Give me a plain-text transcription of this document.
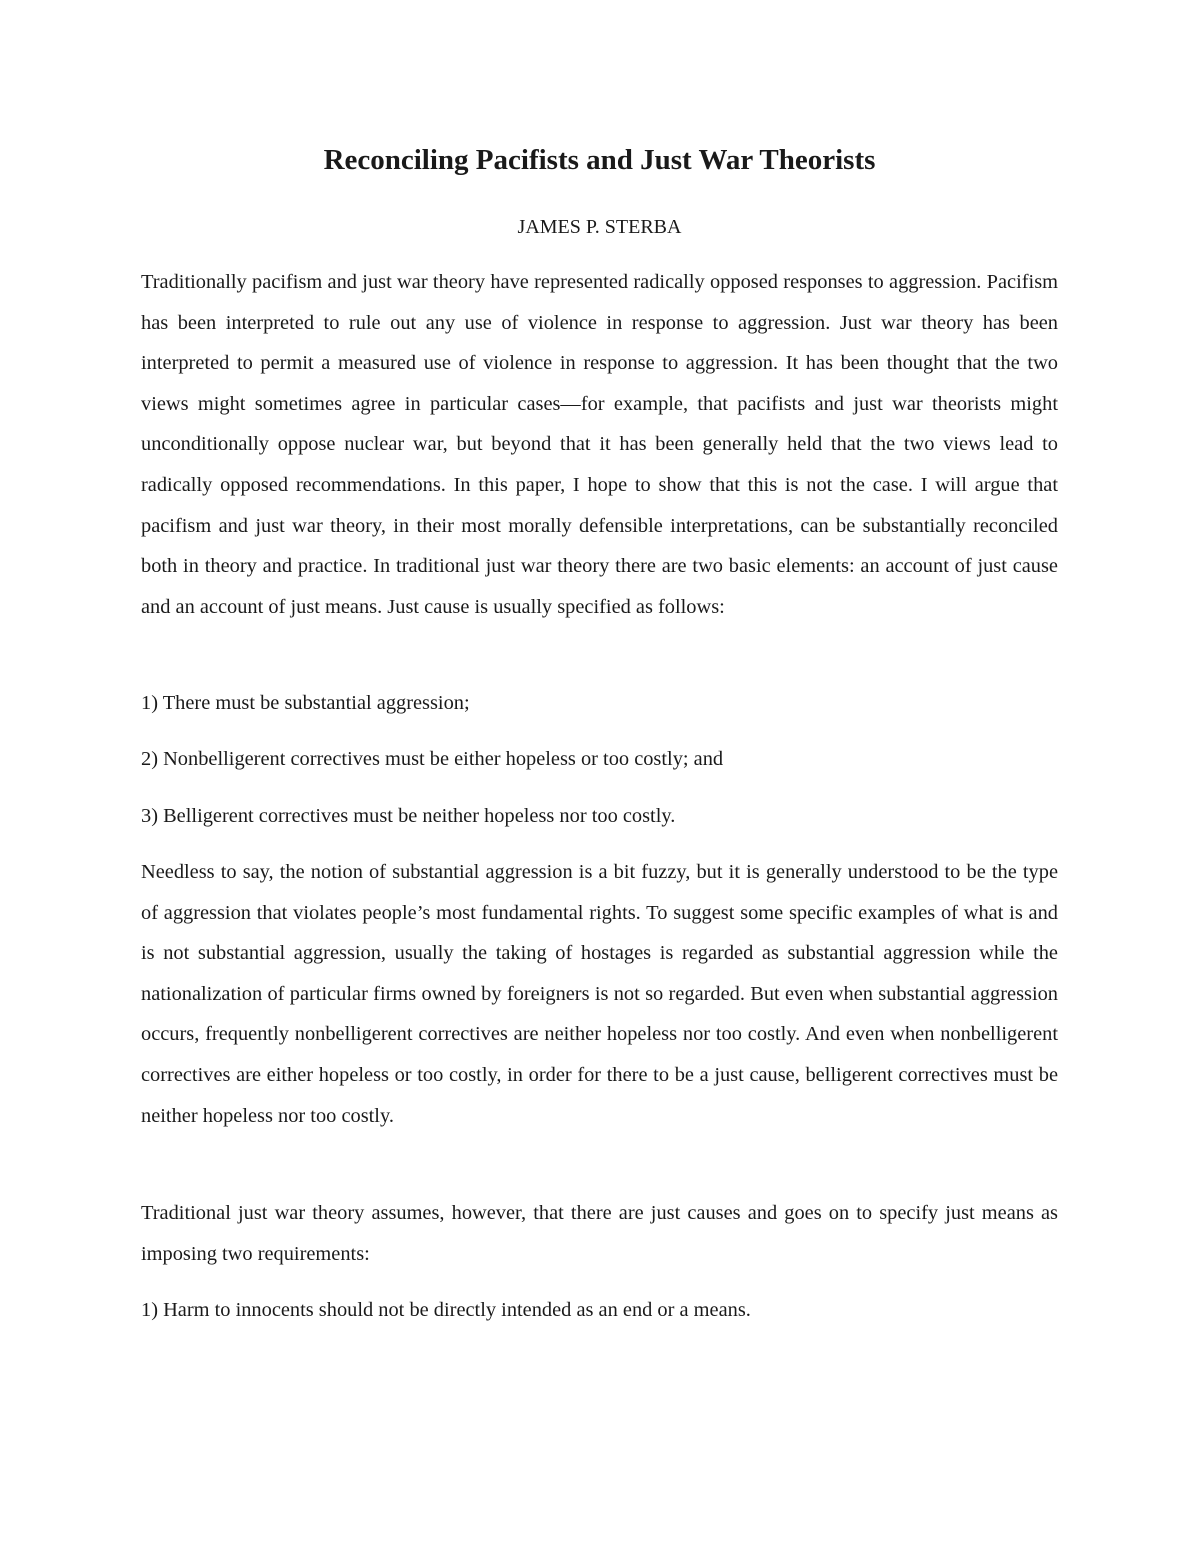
Reconciling Pacifists and Just War Theorists

JAMES P. STERBA

Traditionally pacifism and just war theory have represented radically opposed responses to aggression. Pacifism has been interpreted to rule out any use of violence in response to aggression. Just war theory has been interpreted to permit a measured use of violence in response to aggression. It has been thought that the two views might sometimes agree in particular cases—for example, that pacifists and just war theorists might unconditionally oppose nuclear war, but beyond that it has been generally held that the two views lead to radically opposed recommendations. In this paper, I hope to show that this is not the case. I will argue that pacifism and just war theory, in their most morally defensible interpretations, can be substantially reconciled both in theory and practice. In traditional just war theory there are two basic elements: an account of just cause and an account of just means. Just cause is usually specified as follows:

1) There must be substantial aggression;

2) Nonbelligerent correctives must be either hopeless or too costly; and

3) Belligerent correctives must be neither hopeless nor too costly.

Needless to say, the notion of substantial aggression is a bit fuzzy, but it is generally understood to be the type of aggression that violates people’s most fundamental rights. To suggest some specific examples of what is and is not substantial aggression, usually the taking of hostages is regarded as substantial aggression while the nationalization of particular firms owned by foreigners is not so regarded. But even when substantial aggression occurs, frequently nonbelligerent correctives are neither hopeless nor too costly. And even when nonbelligerent correctives are either hopeless or too costly, in order for there to be a just cause, belligerent correctives must be neither hopeless nor too costly.

Traditional just war theory assumes, however, that there are just causes and goes on to specify just means as imposing two requirements:

1) Harm to innocents should not be directly intended as an end or a means.
